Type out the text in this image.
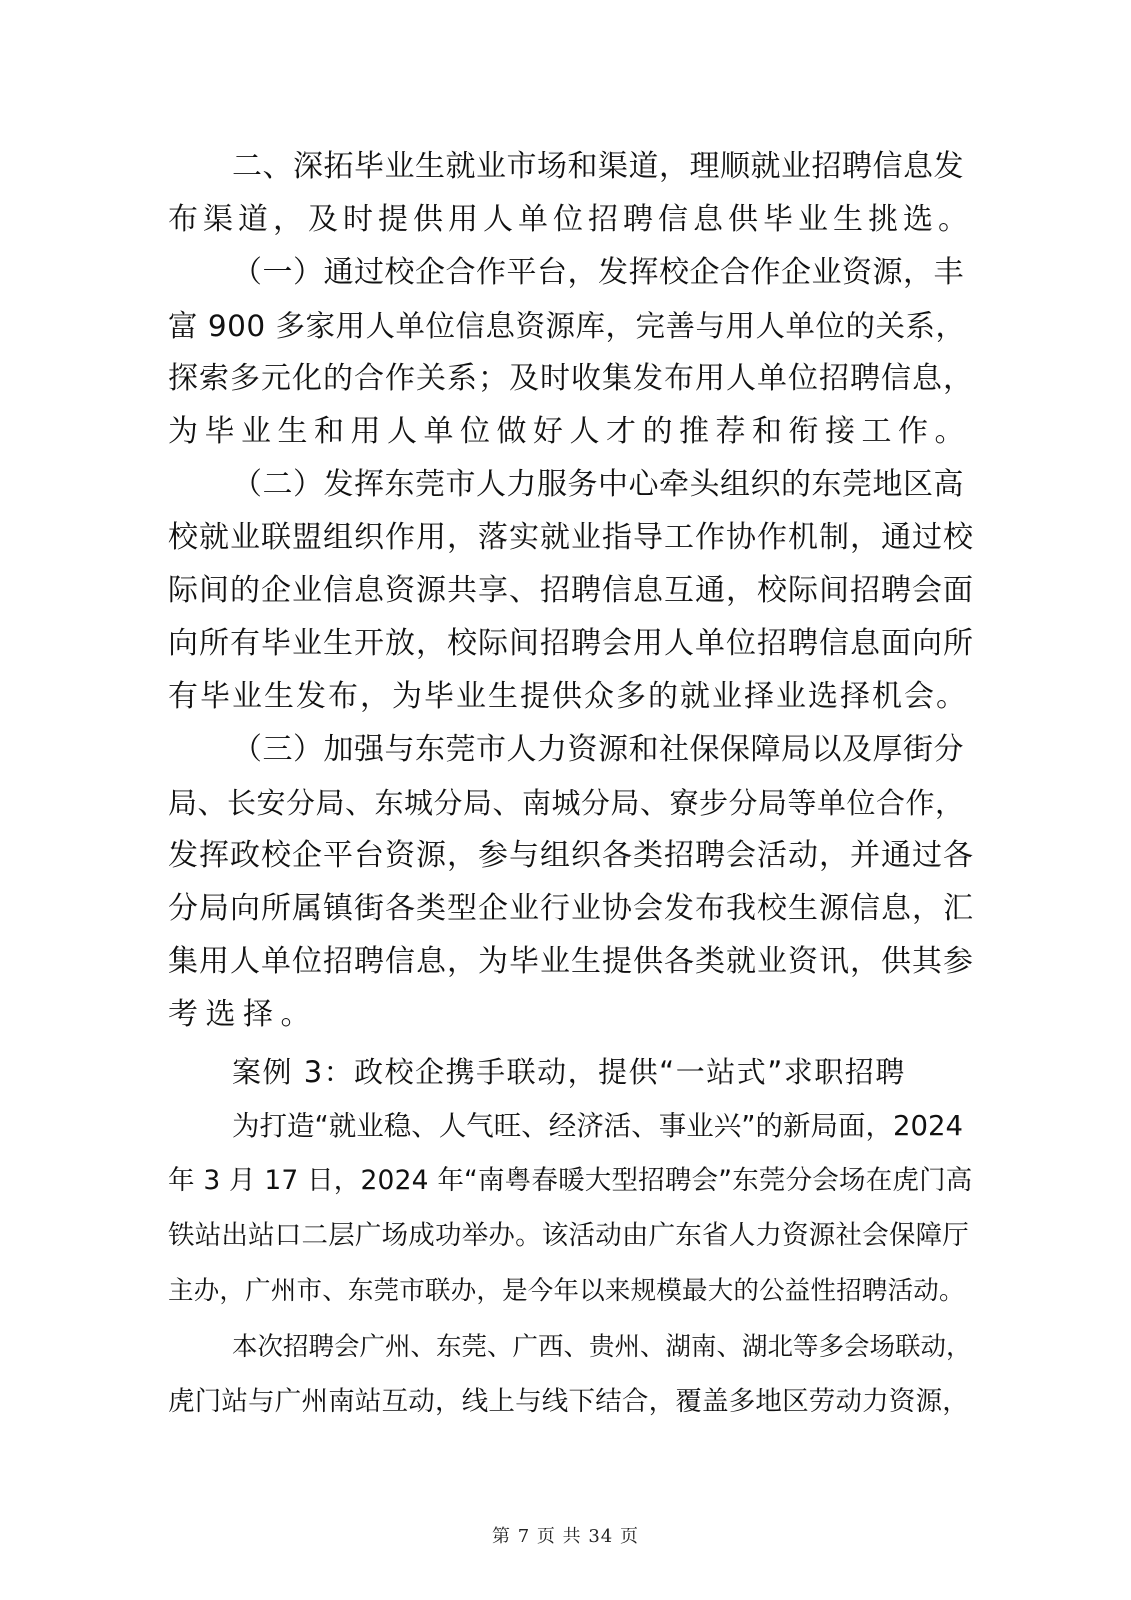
二、深拓毕业生就业市场和渠道，理顺就业招聘信息发
布渠道，及时提供用人单位招聘信息供毕业生挑选。
（一）通过校企合作平台，发挥校企合作企业资源，丰
富 900 多家用人单位信息资源库，完善与用人单位的关系，
探索多元化的合作关系；及时收集发布用人单位招聘信息，
为毕业生和用人单位做好人才的推荐和衔接工作。
（二）发挥东莞市人力服务中心牵头组织的东莞地区高
校就业联盟组织作用，落实就业指导工作协作机制，通过校
际间的企业信息资源共享、招聘信息互通，校际间招聘会面
向所有毕业生开放，校际间招聘会用人单位招聘信息面向所
有毕业生发布，为毕业生提供众多的就业择业选择机会。
（三）加强与东莞市人力资源和社保保障局以及厚街分
局、长安分局、东城分局、南城分局、寮步分局等单位合作，
发挥政校企平台资源，参与组织各类招聘会活动，并通过各
分局向所属镇街各类型企业行业协会发布我校生源信息，汇
集用人单位招聘信息，为毕业生提供各类就业资讯，供其参
考选择。
案例 3：政校企携手联动，提供“一站式”求职招聘
为打造“就业稳、人气旺、经济活、事业兴”的新局面，2024
年 3 月 17 日，2024 年“南粤春暖大型招聘会”东莞分会场在虎门高
铁站出站口二层广场成功举办。该活动由广东省人力资源社会保障厅
主办，广州市、东莞市联办，是今年以来规模最大的公益性招聘活动。
本次招聘会广州、东莞、广西、贵州、湖南、湖北等多会场联动，
虎门站与广州南站互动，线上与线下结合，覆盖多地区劳动力资源，
第 7 页 共 34 页
